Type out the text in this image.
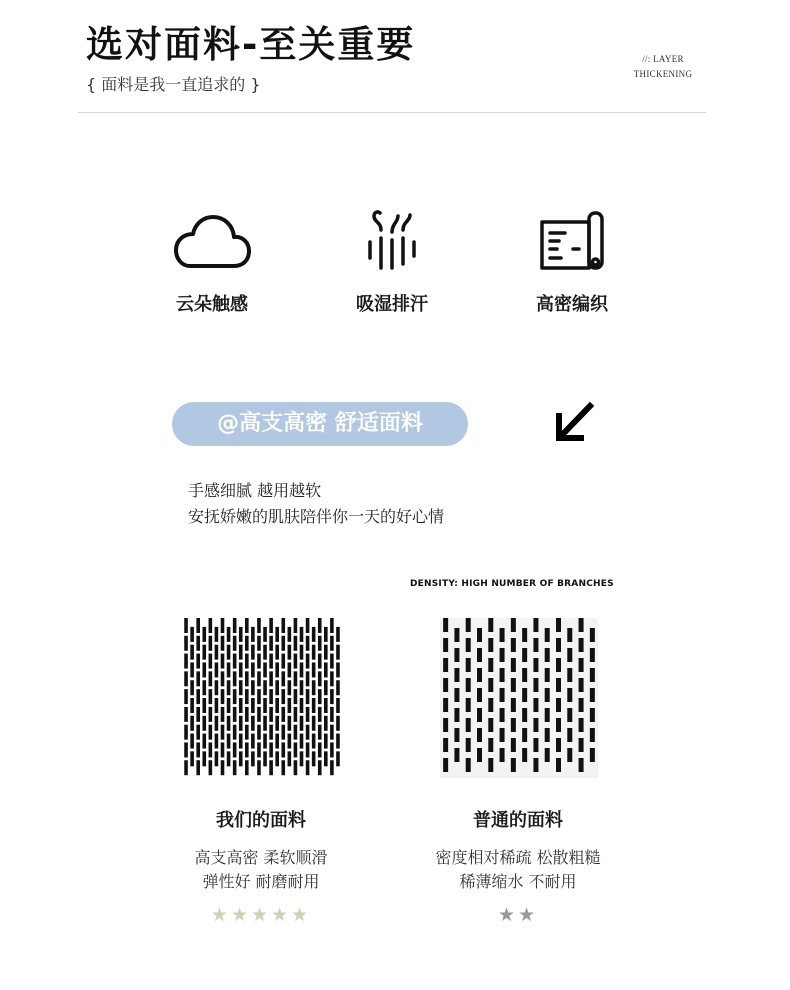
选对面料-至关重要
{ 面料是我一直追求的 }
//: LAYER
THICKENING
云朵触感	吸湿排汗	高密编织
@高支高密 舒适面料
手感细腻 越用越软
安抚娇嫩的肌肤陪伴你一天的好心情
DENSITY: HIGH NUMBER OF BRANCHES
我们的面料
高支高密 柔软顺滑
弹性好 耐磨耐用
★★★★★
普通的面料
密度相对稀疏 松散粗糙
稀薄缩水 不耐用
★★
